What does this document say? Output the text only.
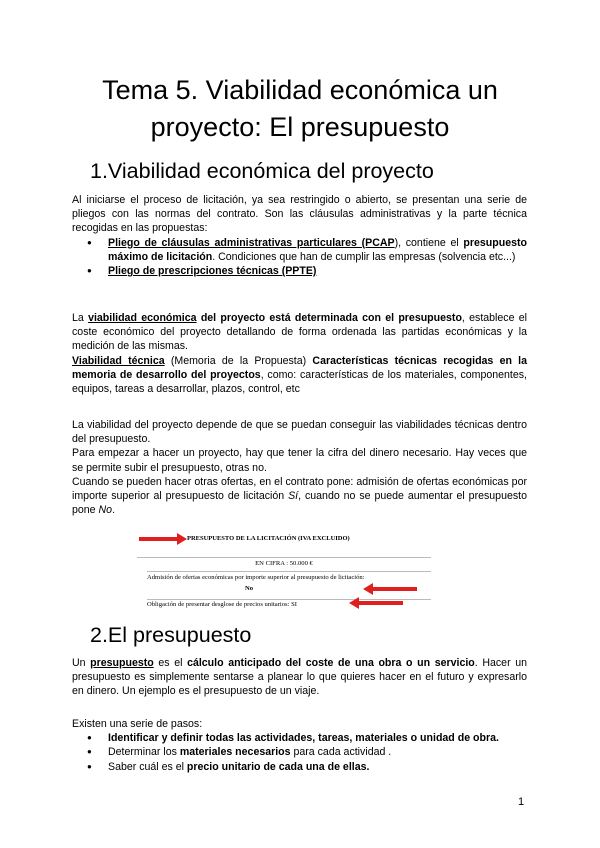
Tema 5. Viabilidad económica un
proyecto: El presupuesto
1.Viabilidad económica del proyecto
Al iniciarse el proceso de licitación, ya sea restringido o abierto, se presentan una serie de pliegos con las normas del contrato. Son las cláusulas administrativas y la parte técnica recogidas en las propuestas:
● Pliego de cláusulas administrativas particulares (PCAP), contiene el presupuesto máximo de licitación. Condiciones que han de cumplir las empresas (solvencia etc...)
● Pliego de prescripciones técnicas (PPTE)
La viabilidad económica del proyecto está determinada con el presupuesto, establece el coste económico del proyecto detallando de forma ordenada las partidas económicas y la medición de las mismas.
Viabilidad técnica (Memoria de la Propuesta) Características técnicas recogidas en la memoria de desarrollo del proyectos, como: características de los materiales, componentes, equipos, tareas a desarrollar, plazos, control, etc
La viabilidad del proyecto depende de que se puedan conseguir las viabilidades técnicas dentro del presupuesto.
Para empezar a hacer un proyecto, hay que tener la cifra del dinero necesario. Hay veces que se permite subir el presupuesto, otras no.
Cuando se pueden hacer otras ofertas, en el contrato pone: admisión de ofertas económicas por importe superior al presupuesto de licitación Sí, cuando no se puede aumentar el presupuesto pone No.
PRESUPUESTO DE LA LICITACIÓN (IVA EXCLUIDO)
EN CIFRA : 50.000 €
Admisión de ofertas económicas por importe superior al presupuesto de licitación:
No
Obligación de presentar desglose de precios unitarios: SI
2.El presupuesto
Un presupuesto es el cálculo anticipado del coste de una obra o un servicio. Hacer un presupuesto es simplemente sentarse a planear lo que quieres hacer en el futuro y expresarlo en dinero. Un ejemplo es el presupuesto de un viaje.
Existen una serie de pasos:
● Identificar y definir todas las actividades, tareas, materiales o unidad de obra.
● Determinar los materiales necesarios para cada actividad .
● Saber cuál es el precio unitario de cada una de ellas.
1
